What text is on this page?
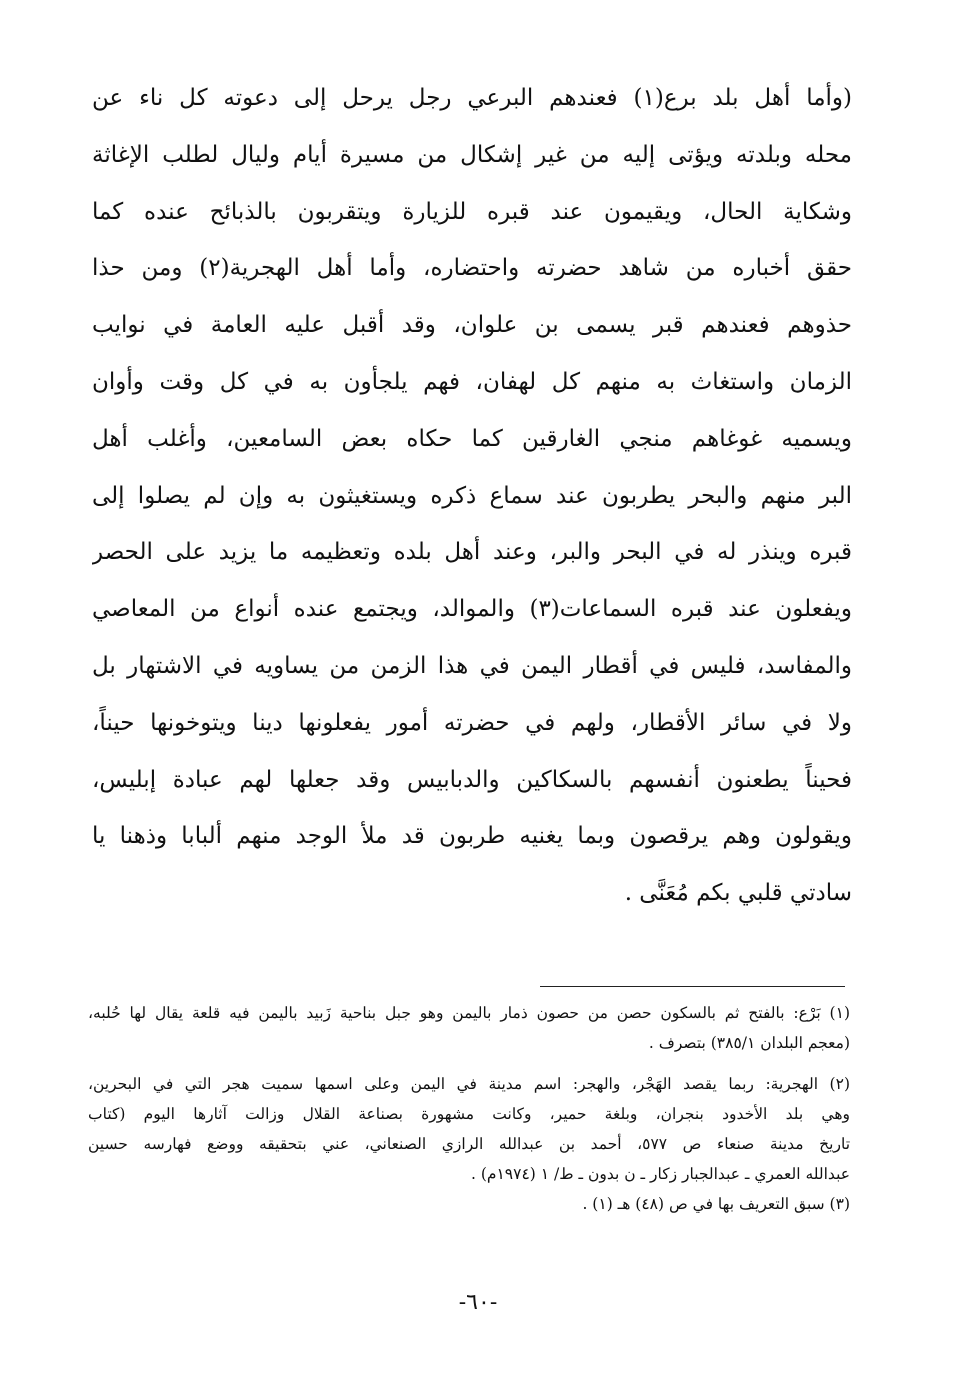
(وأما أهل بلد برع(١) فعندهم البرعي رجل يرحل إلى دعوته كل ناء عن
محله وبلدته ويؤتى إليه من غير إشكال من مسيرة أيام وليال لطلب الإغاثة
وشكاية الحال، ويقيمون عند قبره للزيارة ويتقربون بالذبائح عنده كما
حقق أخباره من شاهد حضرته واحتضاره، وأما أهل الهجرية(٢) ومن حذا
حذوهم فعندهم قبر يسمى بن علوان، وقد أقبل عليه العامة في نوايب
الزمان واستغاث به منهم كل لهفان، فهم يلجأون به في كل وقت وأوان
ويسميه غوغاهم منجي الغارقين كما حكاه بعض السامعين، وأغلب أهل
البر منهم والبحر يطربون عند سماع ذكره ويستغيثون به وإن لم يصلوا إلى
قبره وينذر له في البحر والبر، وعند أهل بلده وتعظيمه ما يزيد على الحصر
ويفعلون عند قبره السماعات(٣) والموالد، ويجتمع عنده أنواع من المعاصي
والمفاسد، فليس في أقطار اليمن في هذا الزمن من يساويه في الاشتهار بل
ولا في سائر الأقطار، ولهم في حضرته أمور يفعلونها دينا ويتوخونها حيناً،
فحيناً يطعنون أنفسهم بالسكاكين والدبابيس وقد جعلها لهم عبادة إبليس،
ويقولون وهم يرقصون وبما يغنيه طربون قد ملأ الوجد منهم ألبابا وذهنا يا
سادتي قلبي بكم مُعَنَّى .
(١) بَرْع: بالفتح ثم بالسكون حصن من حصون ذمار باليمن وهو جبل بناحية زَبيد باليمن فيه قلعة يقال لها حُلبه،
(معجم البلدان ٣٨٥/١) بتصرف .
(٢) الهجرية: ربما يقصد الهَجْر، والهجر: اسم مدينة في اليمن وعلى اسمها سميت هجر التي في البحرين،
وهي بلد الأخدود بنجران، وبلغة حمير، وكانت مشهورة بصناعة القلال وزالت آثارها اليوم (كتاب
تاريخ مدينة صنعاء ص ٥٧٧، أحمد بن عبدالله الرازي الصنعاني، عني بتحقيقه ووضع فهارسه حسين
عبدالله العمري ـ عبدالجبار زكار ـ ن بدون ـ ط/ ١ (١٩٧٤م) .
(٣) سبق التعريف بها في ص (٤٨) هـ (١) .
-٦٠-
